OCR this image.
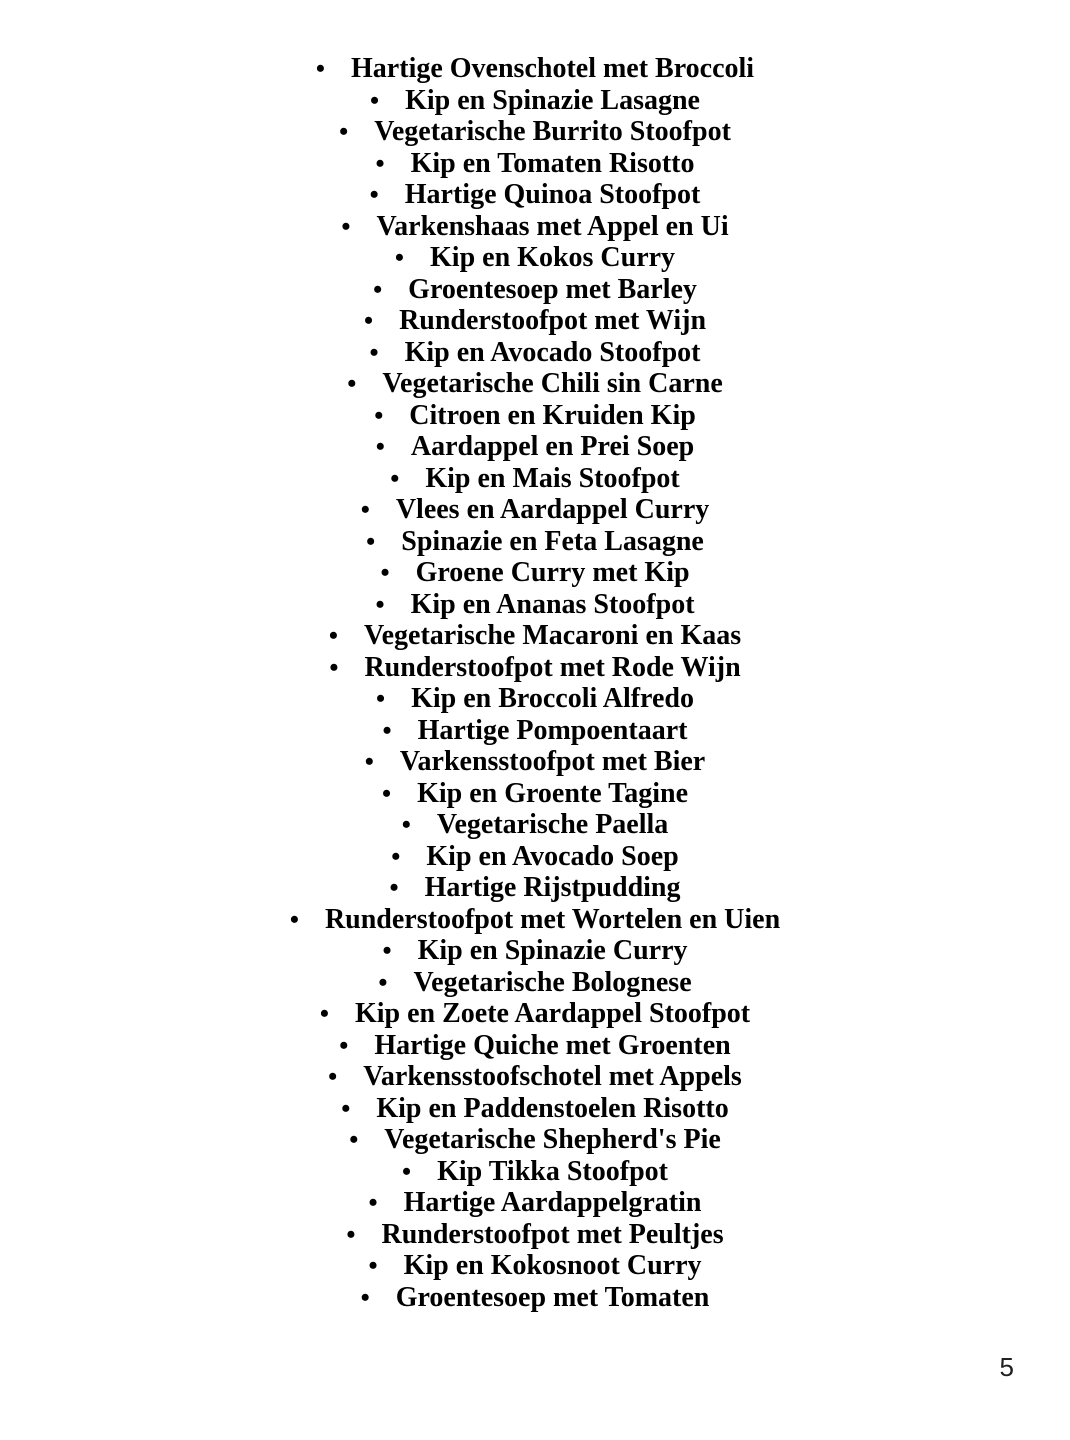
• Hartige Ovenschotel met Broccoli
• Kip en Spinazie Lasagne
• Vegetarische Burrito Stoofpot
• Kip en Tomaten Risotto
• Hartige Quinoa Stoofpot
• Varkenshaas met Appel en Ui
• Kip en Kokos Curry
• Groentesoep met Barley
• Runderstoofpot met Wijn
• Kip en Avocado Stoofpot
• Vegetarische Chili sin Carne
• Citroen en Kruiden Kip
• Aardappel en Prei Soep
• Kip en Mais Stoofpot
• Vlees en Aardappel Curry
• Spinazie en Feta Lasagne
• Groene Curry met Kip
• Kip en Ananas Stoofpot
• Vegetarische Macaroni en Kaas
• Runderstoofpot met Rode Wijn
• Kip en Broccoli Alfredo
• Hartige Pompoentaart
• Varkensstoofpot met Bier
• Kip en Groente Tagine
• Vegetarische Paella
• Kip en Avocado Soep
• Hartige Rijstpudding
• Runderstoofpot met Wortelen en Uien
• Kip en Spinazie Curry
• Vegetarische Bolognese
• Kip en Zoete Aardappel Stoofpot
• Hartige Quiche met Groenten
• Varkensstoofschotel met Appels
• Kip en Paddenstoelen Risotto
• Vegetarische Shepherd's Pie
• Kip Tikka Stoofpot
• Hartige Aardappelgratin
• Runderstoofpot met Peultjes
• Kip en Kokosnoot Curry
• Groentesoep met Tomaten
5
